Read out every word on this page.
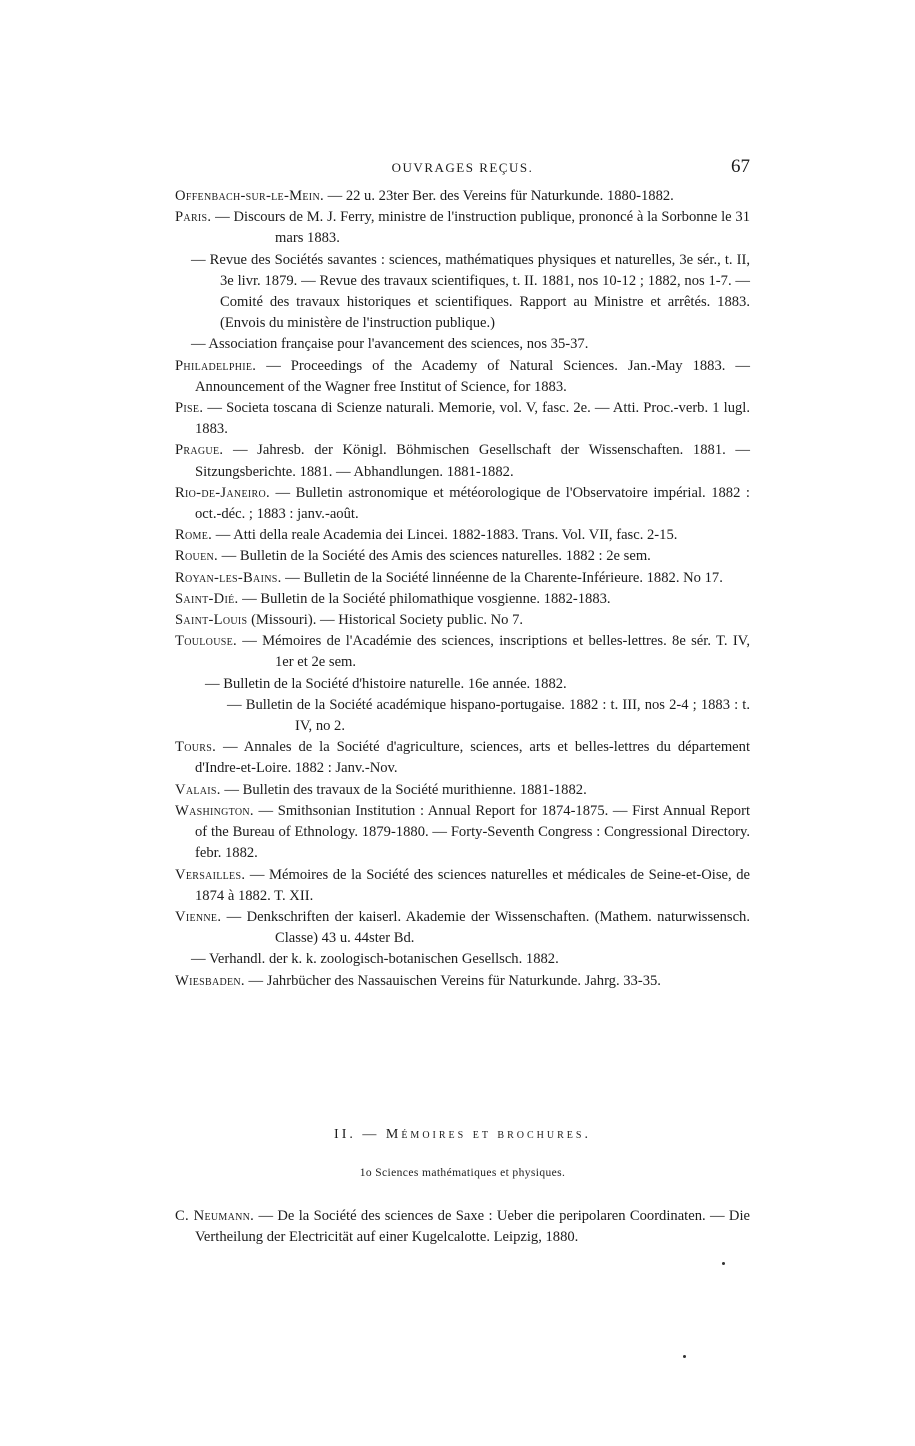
OUVRAGES REÇUS.	67

Offenbach-sur-le-Mein. — 22 u. 23ter Ber. des Vereins für Naturkunde. 1880-1882.

Paris. — Discours de M. J. Ferry, ministre de l'instruction publique, prononcé à la Sorbonne le 31 mars 1883.

— Revue des Sociétés savantes : sciences, mathématiques physiques et naturelles, 3e sér., t. II, 3e livr. 1879. — Revue des travaux scientifiques, t. II. 1881, nos 10-12 ; 1882, nos 1-7. — Comité des travaux historiques et scientifiques. Rapport au Ministre et arrêtés. 1883. (Envois du ministère de l'instruction publique.)

— Association française pour l'avancement des sciences, nos 35-37.

Philadelphie. — Proceedings of the Academy of Natural Sciences. Jan.-May 1883. — Announcement of the Wagner free Institut of Science, for 1883.

Pise. — Societa toscana di Scienze naturali. Memorie, vol. V, fasc. 2e. — Atti. Proc.-verb. 1 lugl. 1883.

Prague. — Jahresb. der Königl. Böhmischen Gesellschaft der Wissenschaften. 1881. — Sitzungsberichte. 1881. — Abhandlungen. 1881-1882.

Rio-de-Janeiro. — Bulletin astronomique et météorologique de l'Observatoire impérial. 1882 : oct.-déc. ; 1883 : janv.-août.

Rome. — Atti della reale Academia dei Lincei. 1882-1883. Trans. Vol. VII, fasc. 2-15.

Rouen. — Bulletin de la Société des Amis des sciences naturelles. 1882 : 2e sem.

Royan-les-Bains. — Bulletin de la Société linnéenne de la Charente-Inférieure. 1882. No 17.

Saint-Dié. — Bulletin de la Société philomathique vosgienne. 1882-1883.

Saint-Louis (Missouri). — Historical Society public. No 7.

Toulouse. — Mémoires de l'Académie des sciences, inscriptions et belles-lettres. 8e sér. T. IV, 1er et 2e sem.

— Bulletin de la Société d'histoire naturelle. 16e année. 1882.

— Bulletin de la Société académique hispano-portugaise. 1882 : t. III, nos 2-4 ; 1883 : t. IV, no 2.

Tours. — Annales de la Société d'agriculture, sciences, arts et belles-lettres du département d'Indre-et-Loire. 1882 : Janv.-Nov.

Valais. — Bulletin des travaux de la Société murithienne. 1881-1882.

Washington. — Smithsonian Institution : Annual Report for 1874-1875. — First Annual Report of the Bureau of Ethnology. 1879-1880. — Forty-Seventh Congress : Congressional Directory. febr. 1882.

Versailles. — Mémoires de la Société des sciences naturelles et médicales de Seine-et-Oise, de 1874 à 1882. T. XII.

Vienne. — Denkschriften der kaiserl. Akademie der Wissenschaften. (Mathem. naturwissensch. Classe) 43 u. 44ster Bd.

— Verhandl. der k. k. zoologisch-botanischen Gesellsch. 1882.

Wiesbaden. — Jahrbücher des Nassauischen Vereins für Naturkunde. Jahrg. 33-35.

II. — Mémoires et brochures.
1o Sciences mathématiques et physiques.

C. Neumann. — De la Société des sciences de Saxe : Ueber die peripolaren Coordinaten. — Die Vertheilung der Electricität auf einer Kugelcalotte. Leipzig, 1880.
